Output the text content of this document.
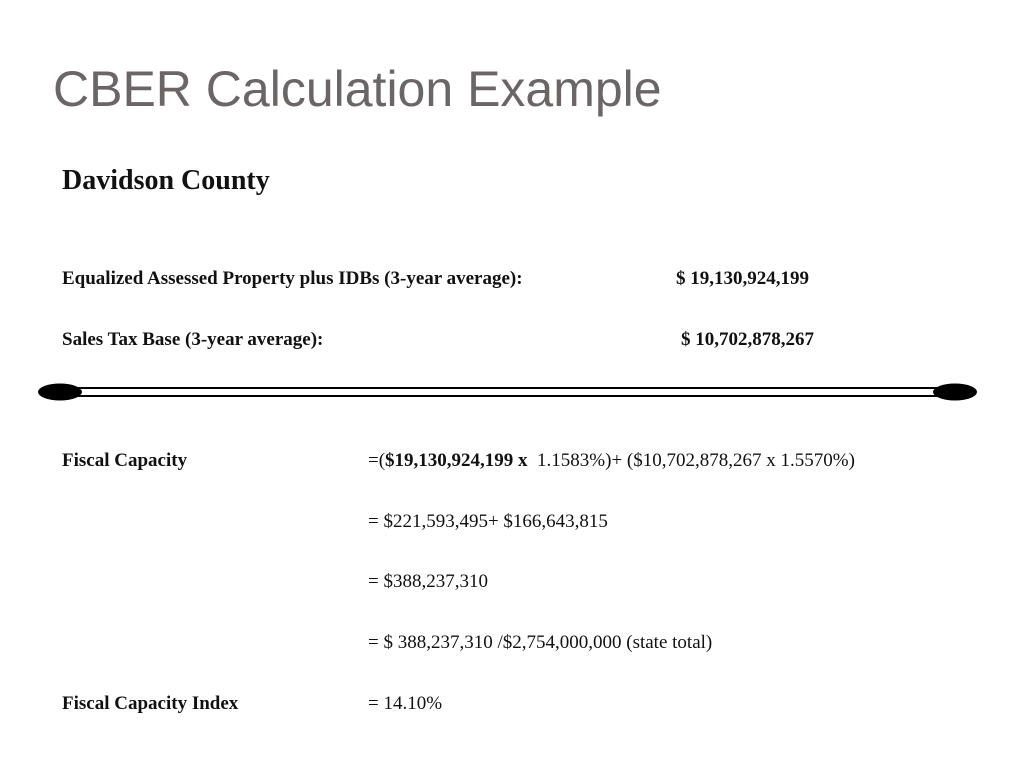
CBER Calculation Example
Davidson County
Equalized Assessed Property plus IDBs (3-year average):	$ 19,130,924,199
Sales Tax Base (3-year average):	$ 10,702,878,267
Fiscal Capacity	=($19,130,924,199 x 1.1583%)+ ($10,702,878,267 x 1.5570%)
= $221,593,495+ $166,643,815
= $388,237,310
= $ 388,237,310 /$2,754,000,000 (state total)
Fiscal Capacity Index	= 14.10%
